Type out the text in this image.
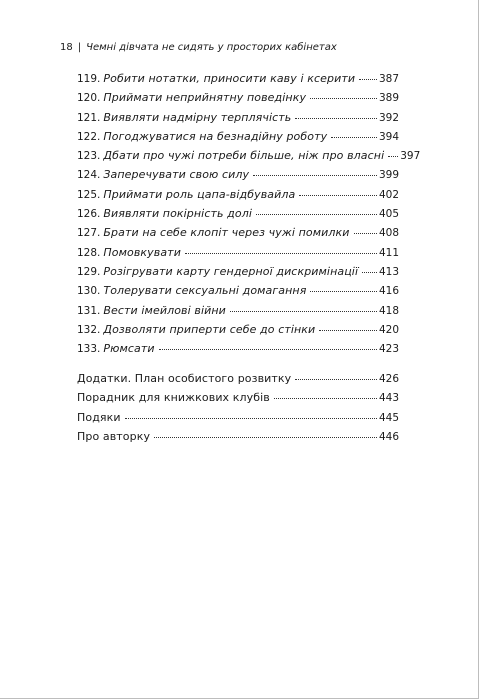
18 | Чемні дівчата не сидять у просторих кабінетах
119. Робити нотатки, приносити каву і ксерити 387
120. Приймати неприйнятну поведінку	389
121. Виявляти надмірну терплячість	392
122. Погоджуватися на безнадійну роботу	394
123. Дбати про чужі потреби більше, ніж про власні 397
124. Заперечувати свою силу	399
125. Приймати роль цапа-відбувайла	402
126. Виявляти покірність долі	405
127. Брати на себе клопіт через чужі помилки	408
128. Помовкувати	411
129. Розігрувати карту гендерної дискримінації 413
130. Толерувати сексуальні домагання	416
131. Вести імейлові війни	418
132. Дозволяти приперти себе до стінки	420
133. Рюмсати	423
Додатки. План особистого розвитку	426
Порадник для книжкових клубів	443
Подяки	445
Про авторку	446
